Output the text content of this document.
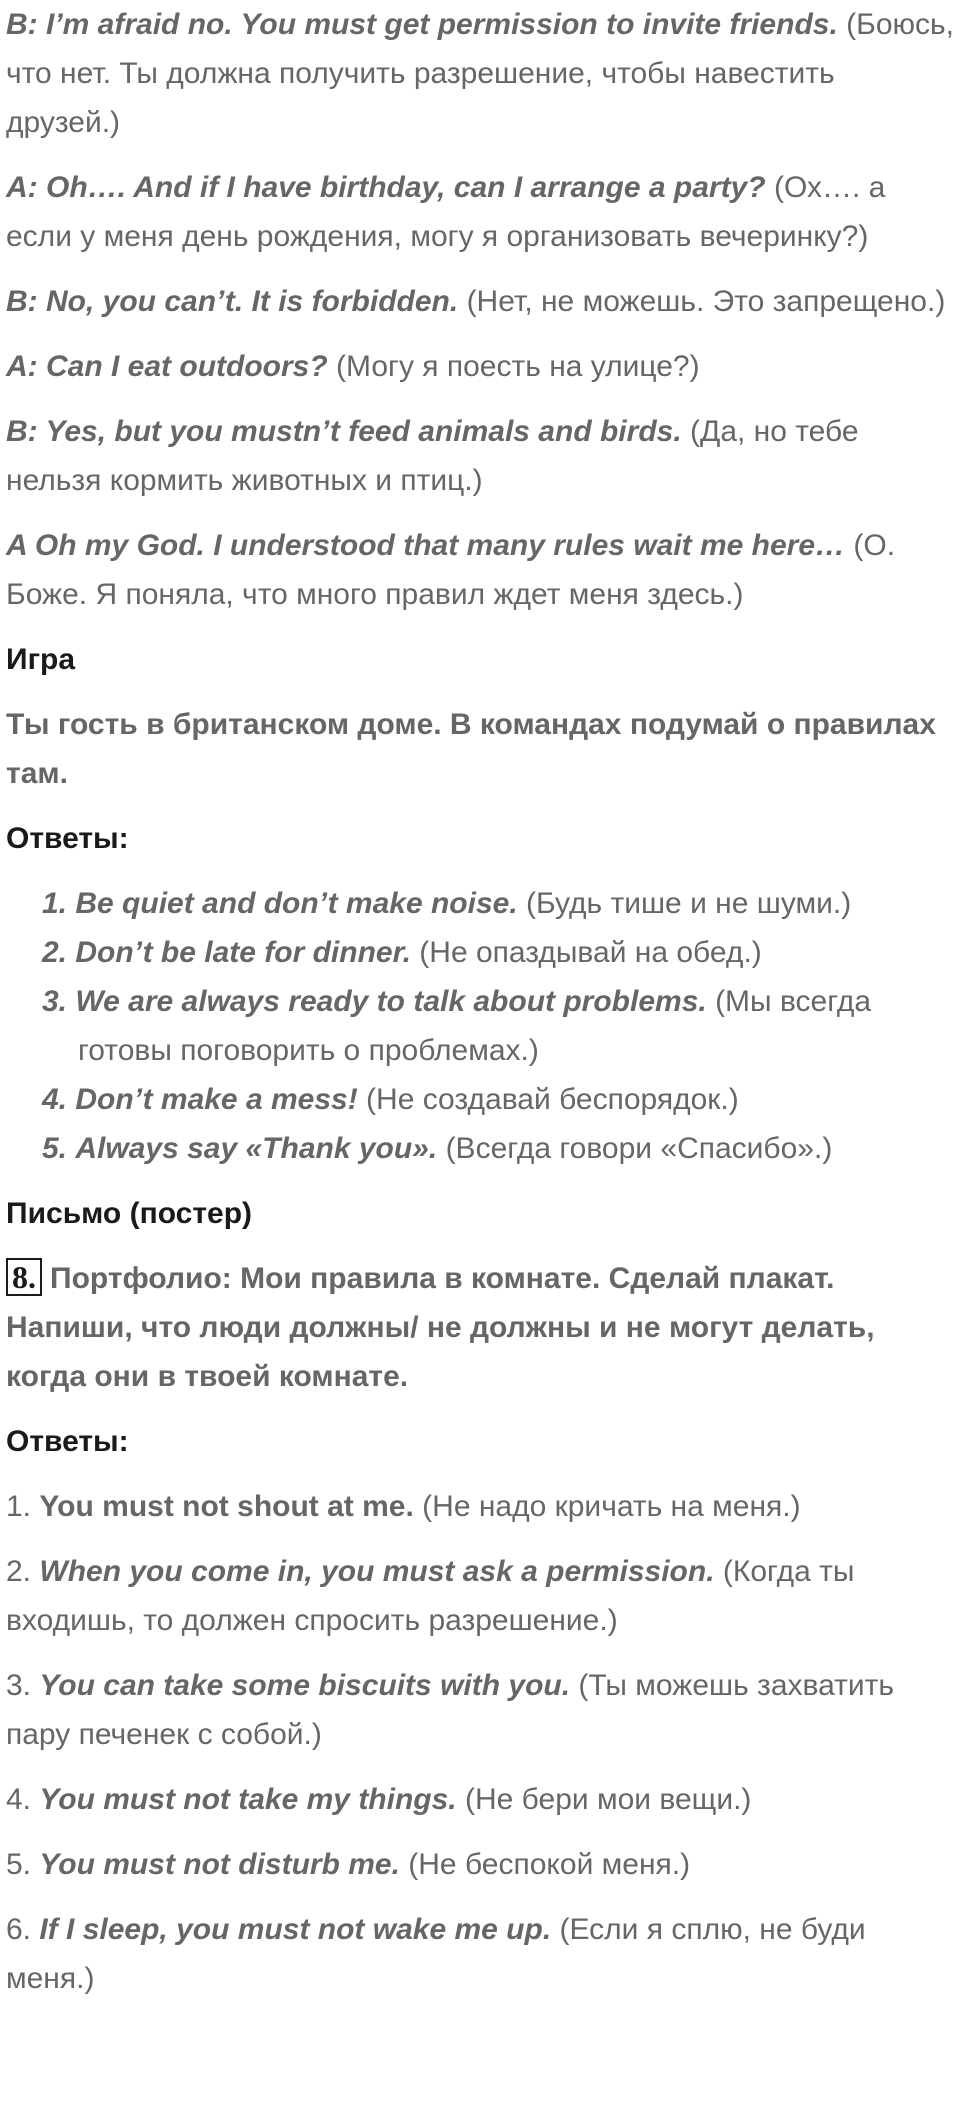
B: I’m afraid no. You must get permission to invite friends. (Боюсь, что нет. Ты должна получить разрешение, чтобы навестить друзей.)

A: Oh…. And if I have birthday, can I arrange a party? (Ох…. а если у меня день рождения, могу я организовать вечеринку?)

B: No, you can’t. It is forbidden. (Нет, не можешь. Это запрещено.)

A: Can I eat outdoors? (Могу я поесть на улице?)

B: Yes, but you mustn’t feed animals and birds. (Да, но тебе нельзя кормить животных и птиц.)

A Oh my God. I understood that many rules wait me here… (О. Боже. Я поняла, что много правил ждет меня здесь.)

Игра

Ты гость в британском доме. В командах подумай о правилах там.

Ответы:

1. Be quiet and don’t make noise. (Будь тише и не шуми.)

2. Don’t be late for dinner. (Не опаздывай на обед.)

3. We are always ready to talk about problems. (Мы всегда готовы поговорить о проблемах.)

4. Don’t make a mess! (Не создавай беспорядок.)

5. Always say «Thank you». (Всегда говори «Спасибо».)

Письмо (постер)

8. Портфолио: Мои правила в комнате. Сделай плакат. Напиши, что люди должны/ не должны и не могут делать, когда они в твоей комнате.

Ответы:

1. You must not shout at me. (Не надо кричать на меня.)

2. When you come in, you must ask a permission. (Когда ты входишь, то должен спросить разрешение.)

3. You can take some biscuits with you. (Ты можешь захватить пару печенек с собой.)

4. You must not take my things. (Не бери мои вещи.)

5. You must not disturb me. (Не беспокой меня.)

6. If I sleep, you must not wake me up. (Если я сплю, не буди меня.)
